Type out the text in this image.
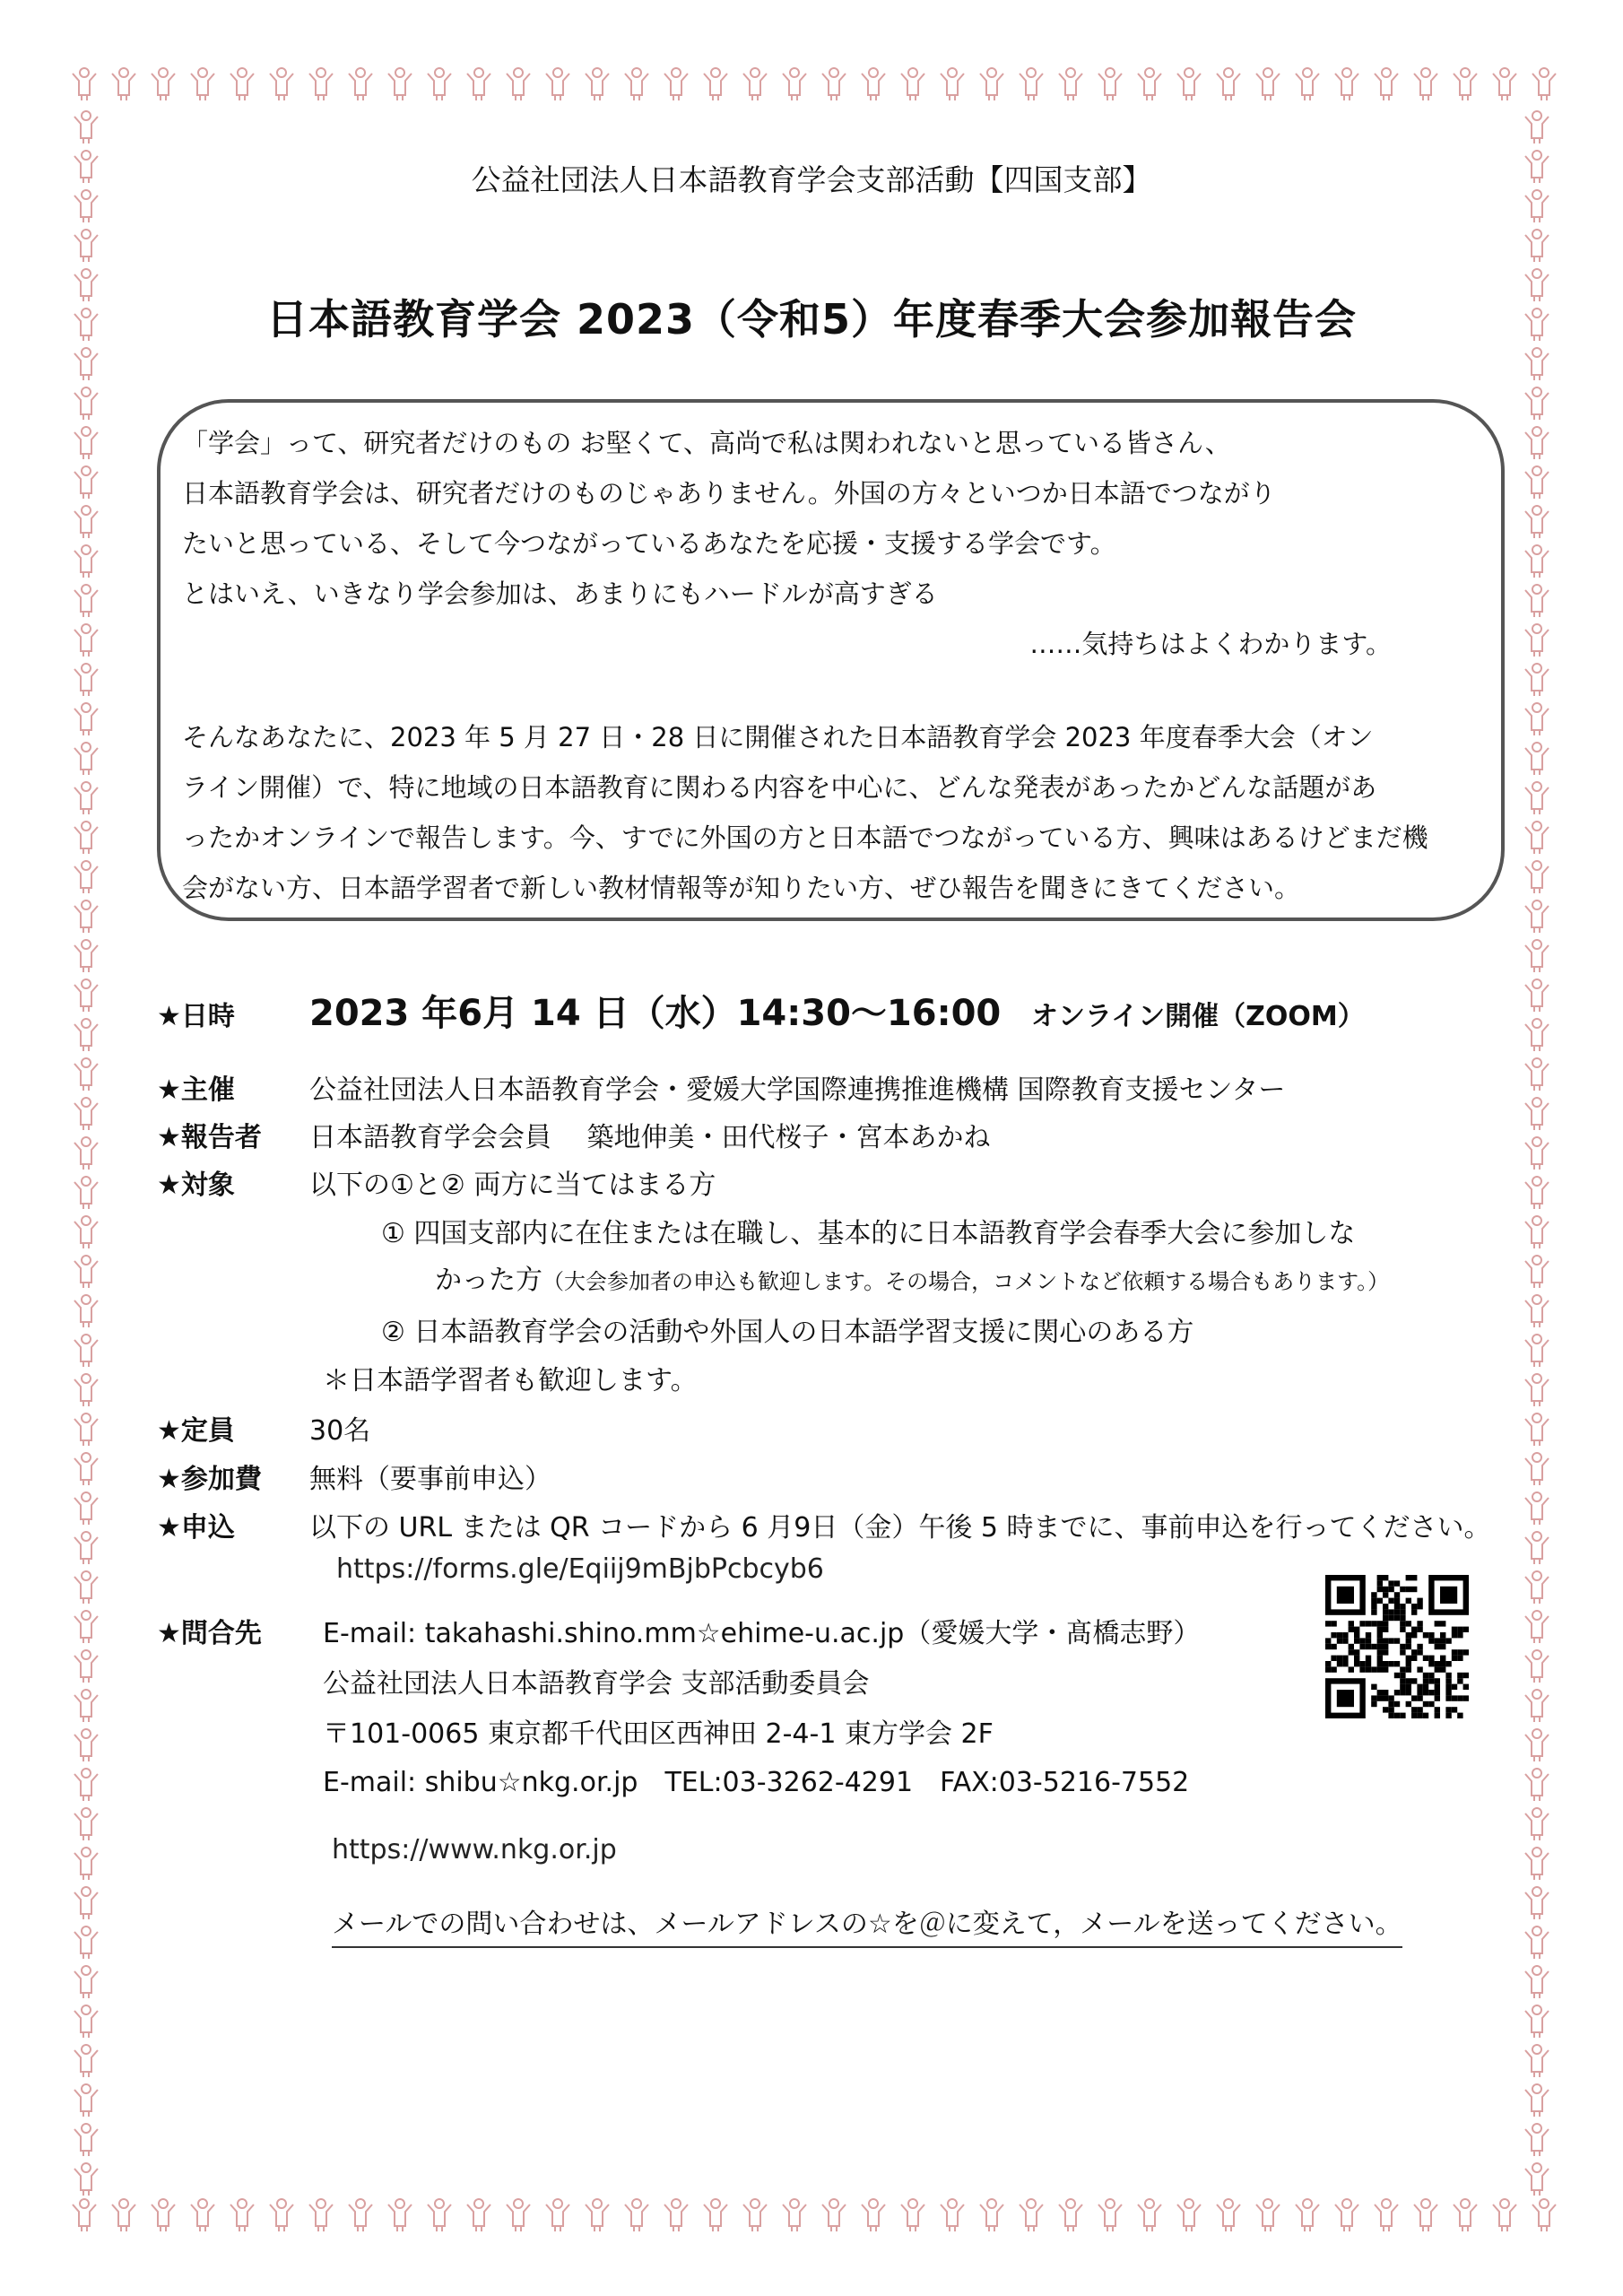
公益社団法人日本語教育学会支部活動【四国支部】
日本語教育学会 2023（令和5）年度春季大会参加報告会
「学会」って、研究者だけのもの お堅くて、高尚で私は関われないと思っている皆さん、
日本語教育学会は、研究者だけのものじゃありません。外国の方々といつか日本語でつながり
たいと思っている、そして今つながっているあなたを応援・支援する学会です。
とはいえ、いきなり学会参加は、あまりにもハードルが高すぎる
……気持ちはよくわかります。
そんなあなたに、2023 年 5 月 27 日・28 日に開催された日本語教育学会 2023 年度春季大会（オン
ライン開催）で、特に地域の日本語教育に関わる内容を中心に、どんな発表があったかどんな話題があ
ったかオンラインで報告します。今、すでに外国の方と日本語でつながっている方、興味はあるけどまだ機
会がない方、日本語学習者で新しい教材情報等が知りたい方、ぜひ報告を聞きにきてください。
★日時 2023 年6月 14 日（水）14:30～16:00 オンライン開催（ZOOM）
★主催	公益社団法人日本語教育学会・愛媛大学国際連携推進機構 国際教育支援センター
★報告者 日本語教育学会会員　 築地伸美・田代桜子・宮本あかね
★対象	以下の①と② 両方に当てはまる方
① 四国支部内に在住または在職し、基本的に日本語教育学会春季大会に参加しな
かった方（大会参加者の申込も歓迎します。その場合，コメントなど依頼する場合もあります。）
② 日本語教育学会の活動や外国人の日本語学習支援に関心のある方
＊日本語学習者も歓迎します。
★定員	30名
★参加費 無料（要事前申込）
★申込	以下の URL または QR コードから 6 月9日（金）午後 5 時までに、事前申込を行ってください。
https://forms.gle/Eqiij9mBjbPcbcyb6
★問合先 E-mail: takahashi.shino.mm☆ehime-u.ac.jp（愛媛大学・髙橋志野）
公益社団法人日本語教育学会 支部活動委員会
〒101-0065 東京都千代田区西神田 2-4-1 東方学会 2F
E-mail: shibu☆nkg.or.jp　TEL:03-3262-4291　FAX:03-5216-7552
https://www.nkg.or.jp
メールでの問い合わせは、メールアドレスの☆を＠に変えて，メールを送ってください。
